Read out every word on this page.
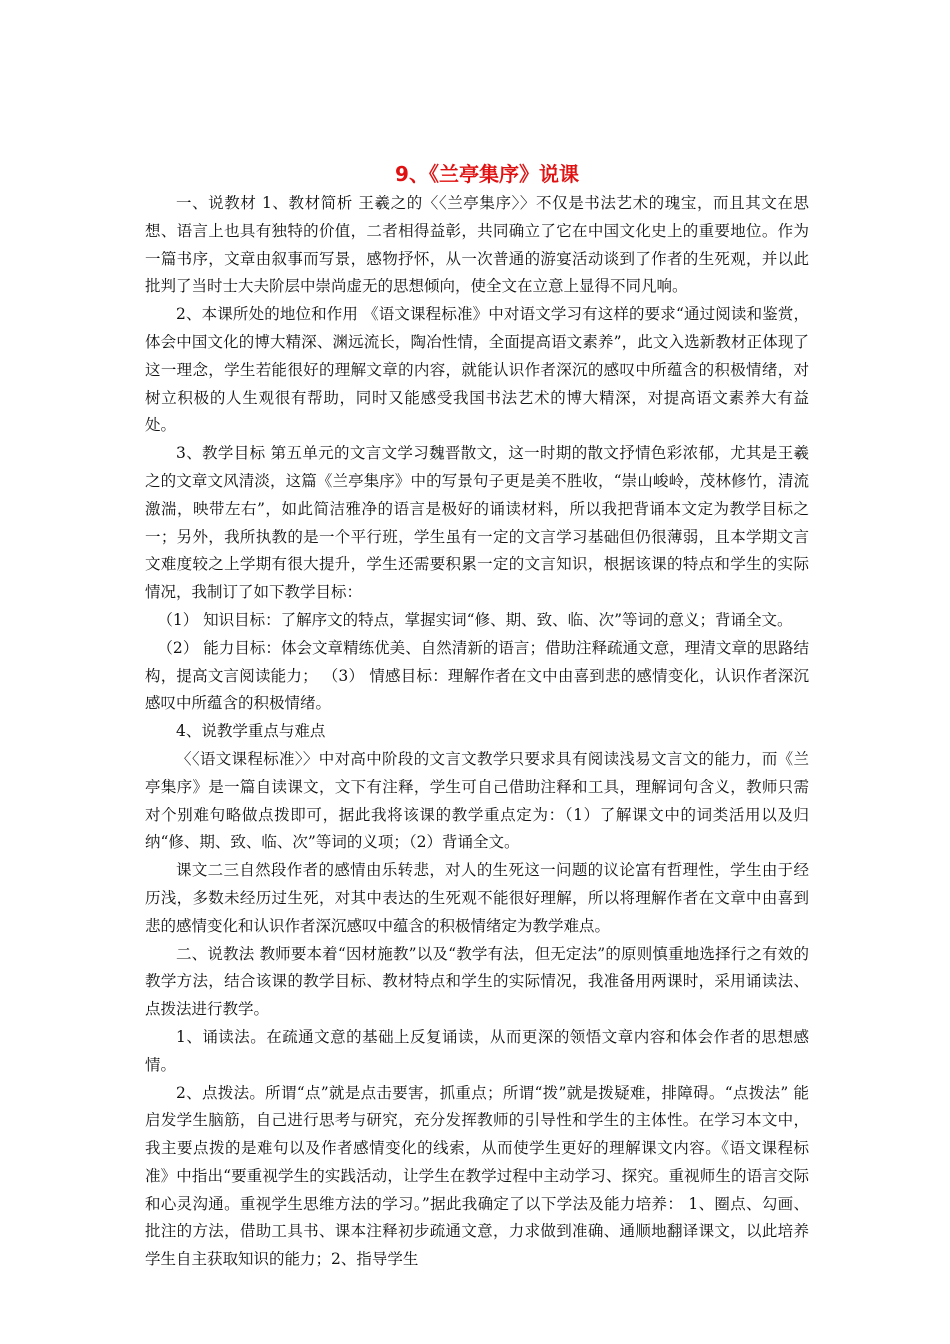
9、《兰亭集序》说课

一、说教材 1、教材简析 王羲之的〈〈兰亭集序〉〉不仅是书法艺术的瑰宝，而且其文在思想、语言上也具有独特的价值，二者相得益彰，共同确立了它在中国文化史上的重要地位。作为一篇书序，文章由叙事而写景，感物抒怀，从一次普通的游宴活动谈到了作者的生死观，并以此批判了当时士大夫阶层中崇尚虚无的思想倾向，使全文在立意上显得不同凡响。

2、本课所处的地位和作用 《语文课程标准》中对语文学习有这样的要求“通过阅读和鉴赏，体会中国文化的博大精深、渊远流长，陶冶性情，全面提高语文素养”，此文入选新教材正体现了这一理念，学生若能很好的理解文章的内容，就能认识作者深沉的感叹中所蕴含的积极情绪，对树立积极的人生观很有帮助，同时又能感受我国书法艺术的博大精深，对提高语文素养大有益处。

3、教学目标 第五单元的文言文学习魏晋散文，这一时期的散文抒情色彩浓郁，尤其是王羲之的文章文风清淡，这篇《兰亭集序》中的写景句子更是美不胜收，“崇山峻岭，茂林修竹，清流激湍，映带左右”，如此简洁雅净的语言是极好的诵读材料，所以我把背诵本文定为教学目标之一；另外，我所执教的是一个平行班，学生虽有一定的文言学习基础但仍很薄弱，且本学期文言文难度较之上学期有很大提升，学生还需要积累一定的文言知识，根据该课的特点和学生的实际情况，我制订了如下教学目标：

（1） 知识目标：了解序文的特点，掌握实词“修、期、致、临、次”等词的意义；背诵全文。

（2） 能力目标：体会文章精练优美、自然清新的语言；借助注释疏通文意，理清文章的思路结构，提高文言阅读能力； （3） 情感目标：理解作者在文中由喜到悲的感情变化，认识作者深沉感叹中所蕴含的积极情绪。

4、说教学重点与难点

〈〈语文课程标准〉〉中对高中阶段的文言文教学只要求具有阅读浅易文言文的能力，而《兰亭集序》是一篇自读课文，文下有注释，学生可自己借助注释和工具，理解词句含义，教师只需对个别难句略做点拨即可，据此我将该课的教学重点定为：（1）了解课文中的词类活用以及归纳“修、期、致、临、次”等词的义项；（2）背诵全文。

课文二三自然段作者的感情由乐转悲，对人的生死这一问题的议论富有哲理性，学生由于经历浅，多数未经历过生死，对其中表达的生死观不能很好理解，所以将理解作者在文章中由喜到悲的感情变化和认识作者深沉感叹中蕴含的积极情绪定为教学难点。

二、说教法 教师要本着“因材施教”以及“教学有法，但无定法”的原则慎重地选择行之有效的教学方法，结合该课的教学目标、教材特点和学生的实际情况，我准备用两课时，采用诵读法、点拨法进行教学。

1、诵读法。在疏通文意的基础上反复诵读，从而更深的领悟文章内容和体会作者的思想感情。

2、点拨法。所谓“点”就是点击要害，抓重点；所谓“拨”就是拨疑难，排障碍。“点拨法” 能启发学生脑筋，自己进行思考与研究，充分发挥教师的引导性和学生的主体性。在学习本文中，我主要点拨的是难句以及作者感情变化的线索，从而使学生更好的理解课文内容。《语文课程标准》中指出“要重视学生的实践活动，让学生在教学过程中主动学习、探究。重视师生的语言交际和心灵沟通。重视学生思维方法的学习。”据此我确定了以下学法及能力培养： 1、圈点、勾画、批注的方法，借助工具书、课本注释初步疏通文意，力求做到准确、通顺地翻译课文，以此培养学生自主获取知识的能力；2、指导学生
